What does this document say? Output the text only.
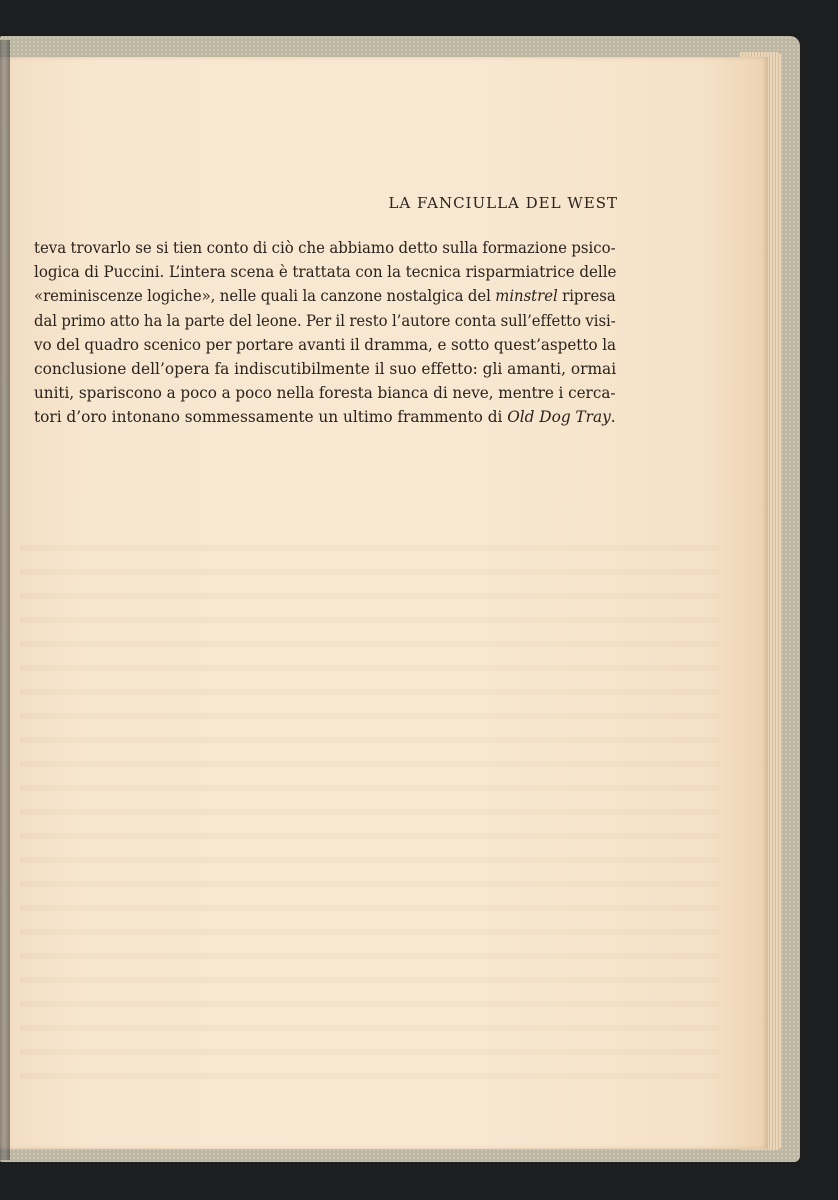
LA FANCIULLA DEL WEST
teva trovarlo se si tien conto di ciò che abbiamo detto sulla formazione psico-
logica di Puccini. L’intera scena è trattata con la tecnica risparmiatrice delle
«reminiscenze logiche», nelle quali la canzone nostalgica del minstrel ripresa
dal primo atto ha la parte del leone. Per il resto l’autore conta sull’effetto visi-
vo del quadro scenico per portare avanti il dramma, e sotto quest’aspetto la
conclusione dell’opera fa indiscutibilmente il suo effetto: gli amanti, ormai
uniti, spariscono a poco a poco nella foresta bianca di neve, mentre i cerca-
tori d’oro intonano sommessamente un ultimo frammento di Old Dog Tray.
